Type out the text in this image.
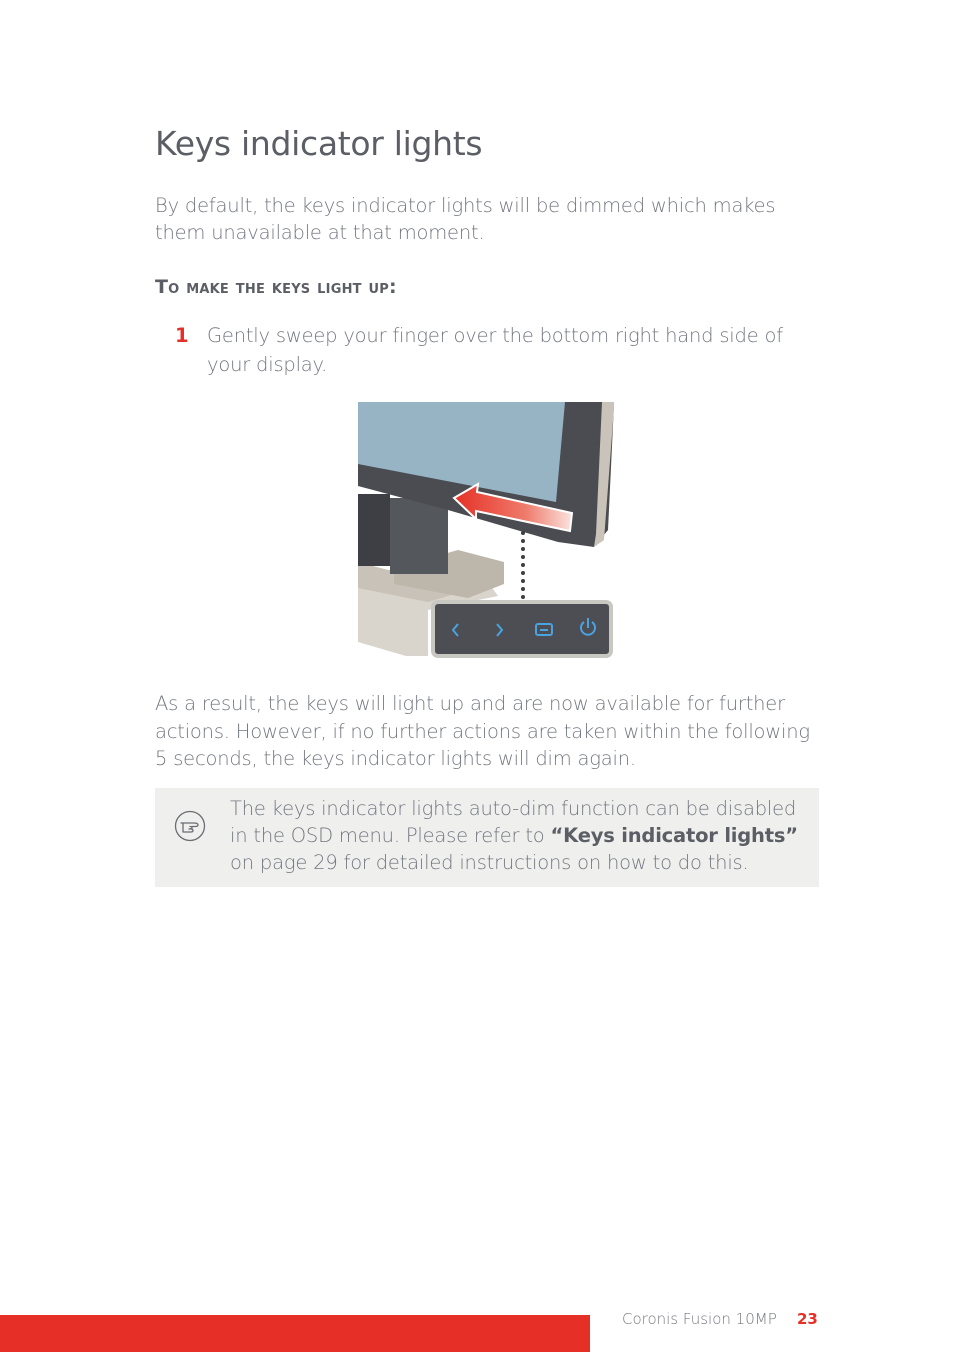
Keys indicator lights

By default, the keys indicator lights will be dimmed which makes them unavailable at that moment.

To make the keys light up:
1 Gently sweep your finger over the bottom right hand side of your display.

As a result, the keys will light up and are now available for further actions. However, if no further actions are taken within the following 5 seconds, the keys indicator lights will dim again.

The keys indicator lights auto-dim function can be disabled in the OSD menu. Please refer to “Keys indicator lights” on page 29 for detailed instructions on how to do this.

Coronis Fusion 10MP 23
